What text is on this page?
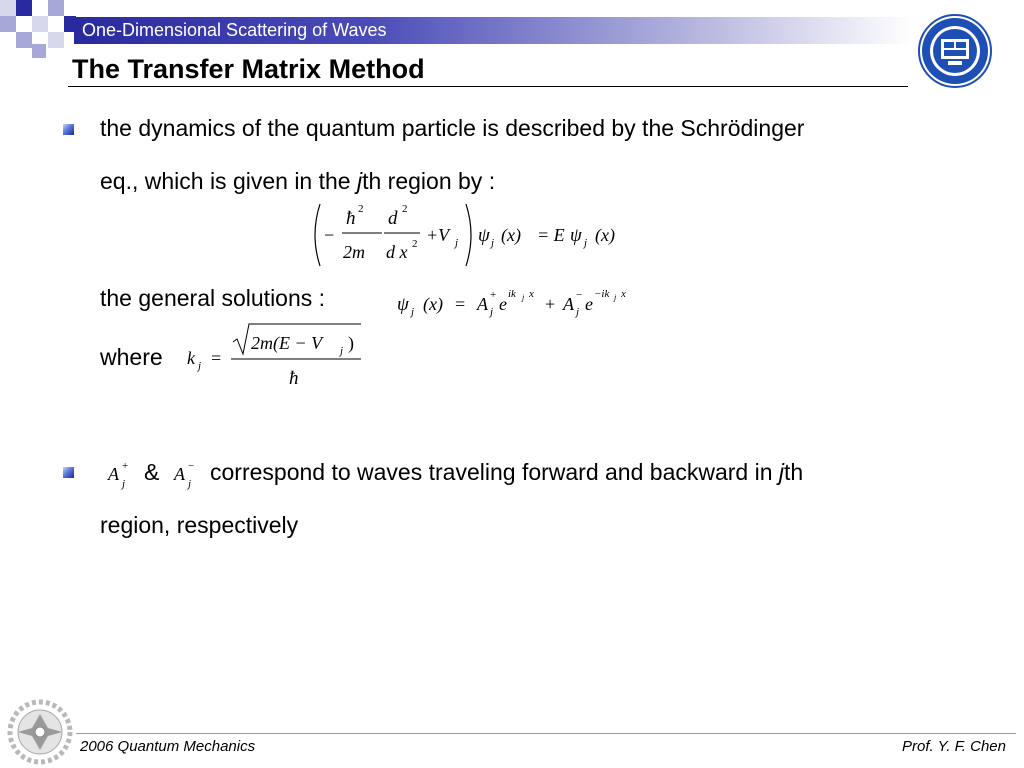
One-Dimensional Scattering of Waves
The Transfer Matrix Method
the dynamics of the quantum particle is described by the Schrödinger
eq., which is given in the jth region by :
−
ħ 2
2m
d 2
d x 2 +V j ψ j (x) = E ψ j (x)
the general solutions :	ψ j (x) = A +
j e ik j x + A −
j e −ik j x
where k j =
2m(E − V j )
ħ
A +
j & A −
j correspond to waves traveling forward and backward in jth
region, respectively
2006 Quantum Mechanics	Prof. Y. F. Chen
